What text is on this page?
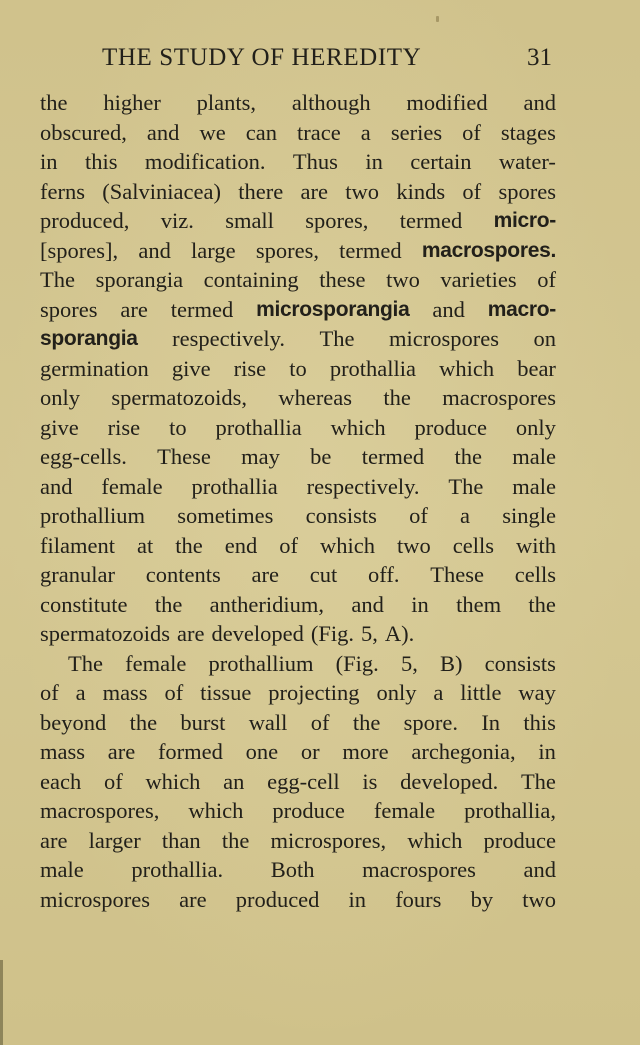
THE STUDY OF HEREDITY	31
the higher plants, although modified and
obscured, and we can trace a series of stages
in this modification. Thus in certain water-
ferns (Salviniacea) there are two kinds of spores
produced, viz. small spores, termed micro-
[spores], and large spores, termed macrospores.
The sporangia containing these two varieties of
spores are termed microsporangia and macro-
sporangia respectively. The microspores on
germination give rise to prothallia which bear
only spermatozoids, whereas the macrospores
give rise to prothallia which produce only
egg-cells. These may be termed the male
and female prothallia respectively. The male
prothallium sometimes consists of a single
filament at the end of which two cells with
granular contents are cut off. These cells
constitute the antheridium, and in them the
spermatozoids are developed (Fig. 5, A).
The female prothallium (Fig. 5, B) consists
of a mass of tissue projecting only a little way
beyond the burst wall of the spore. In this
mass are formed one or more archegonia, in
each of which an egg-cell is developed. The
macrospores, which produce female prothallia,
are larger than the microspores, which produce
male prothallia. Both macrospores and
microspores are produced in fours by two
